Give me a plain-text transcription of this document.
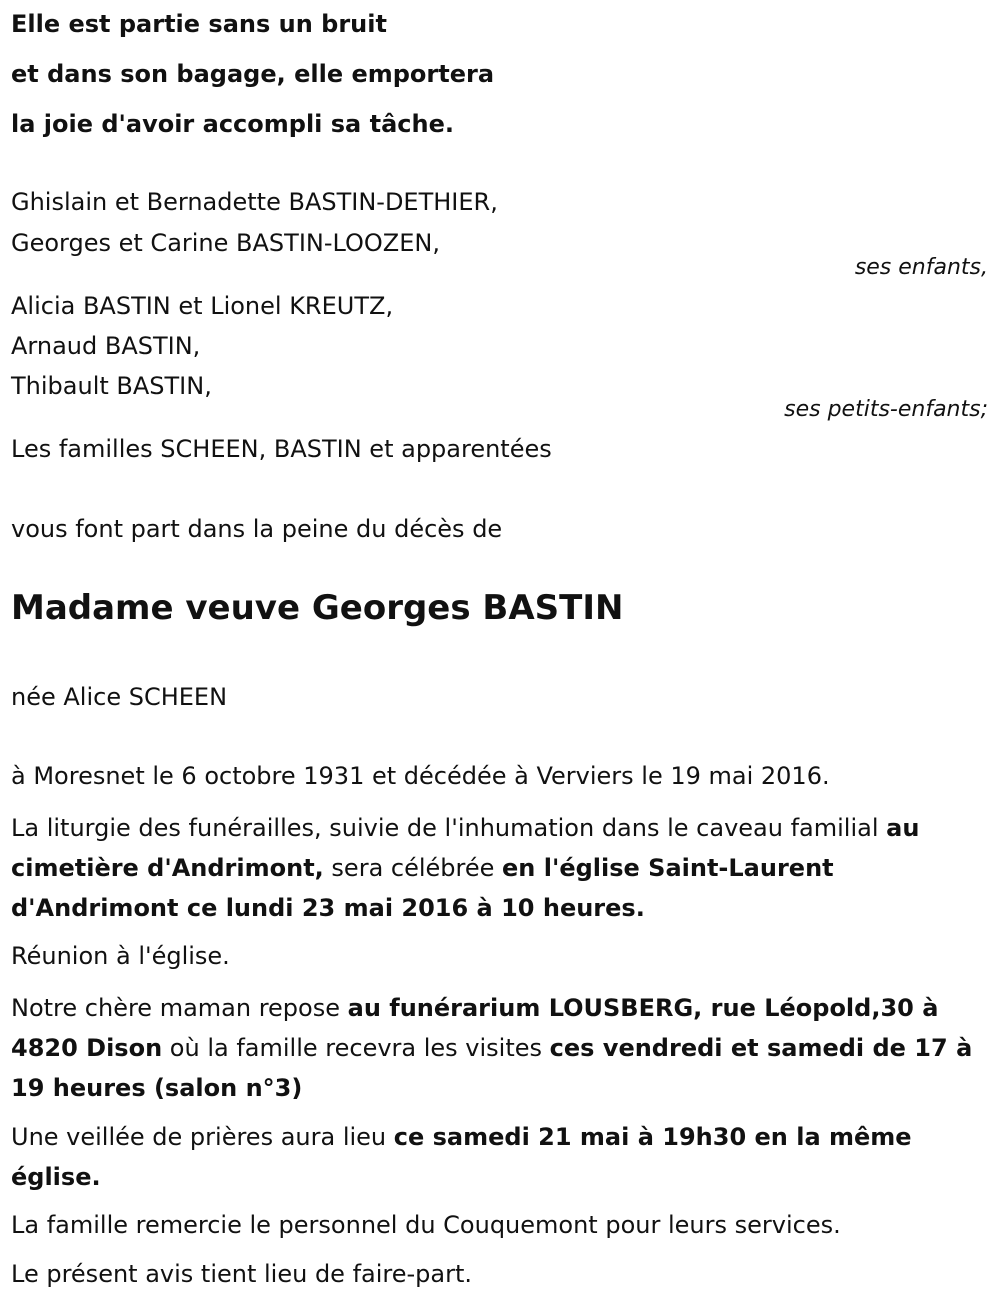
Elle est partie sans un bruit
et dans son bagage, elle emportera
la joie d'avoir accompli sa tâche.
Ghislain et Bernadette BASTIN-DETHIER,
Georges et Carine BASTIN-LOOZEN,
ses enfants,
Alicia BASTIN et Lionel KREUTZ,
Arnaud BASTIN,
Thibault BASTIN,
ses petits-enfants;
Les familles SCHEEN, BASTIN et apparentées
vous font part dans la peine du décès de
Madame veuve Georges BASTIN
née Alice SCHEEN
à Moresnet le 6 octobre 1931 et décédée à Verviers le 19 mai 2016.
La liturgie des funérailles, suivie de l'inhumation dans le caveau familial au cimetière d'Andrimont, sera célébrée en l'église Saint-Laurent d'Andrimont ce lundi 23 mai 2016 à 10 heures.
Réunion à l'église.
Notre chère maman repose au funérarium LOUSBERG, rue Léopold,30 à 4820 Dison où la famille recevra les visites ces vendredi et samedi de 17 à 19 heures (salon n°3)
Une veillée de prières aura lieu ce samedi 21 mai à 19h30 en la même église.
La famille remercie le personnel du Couquemont pour leurs services.
Le présent avis tient lieu de faire-part.
